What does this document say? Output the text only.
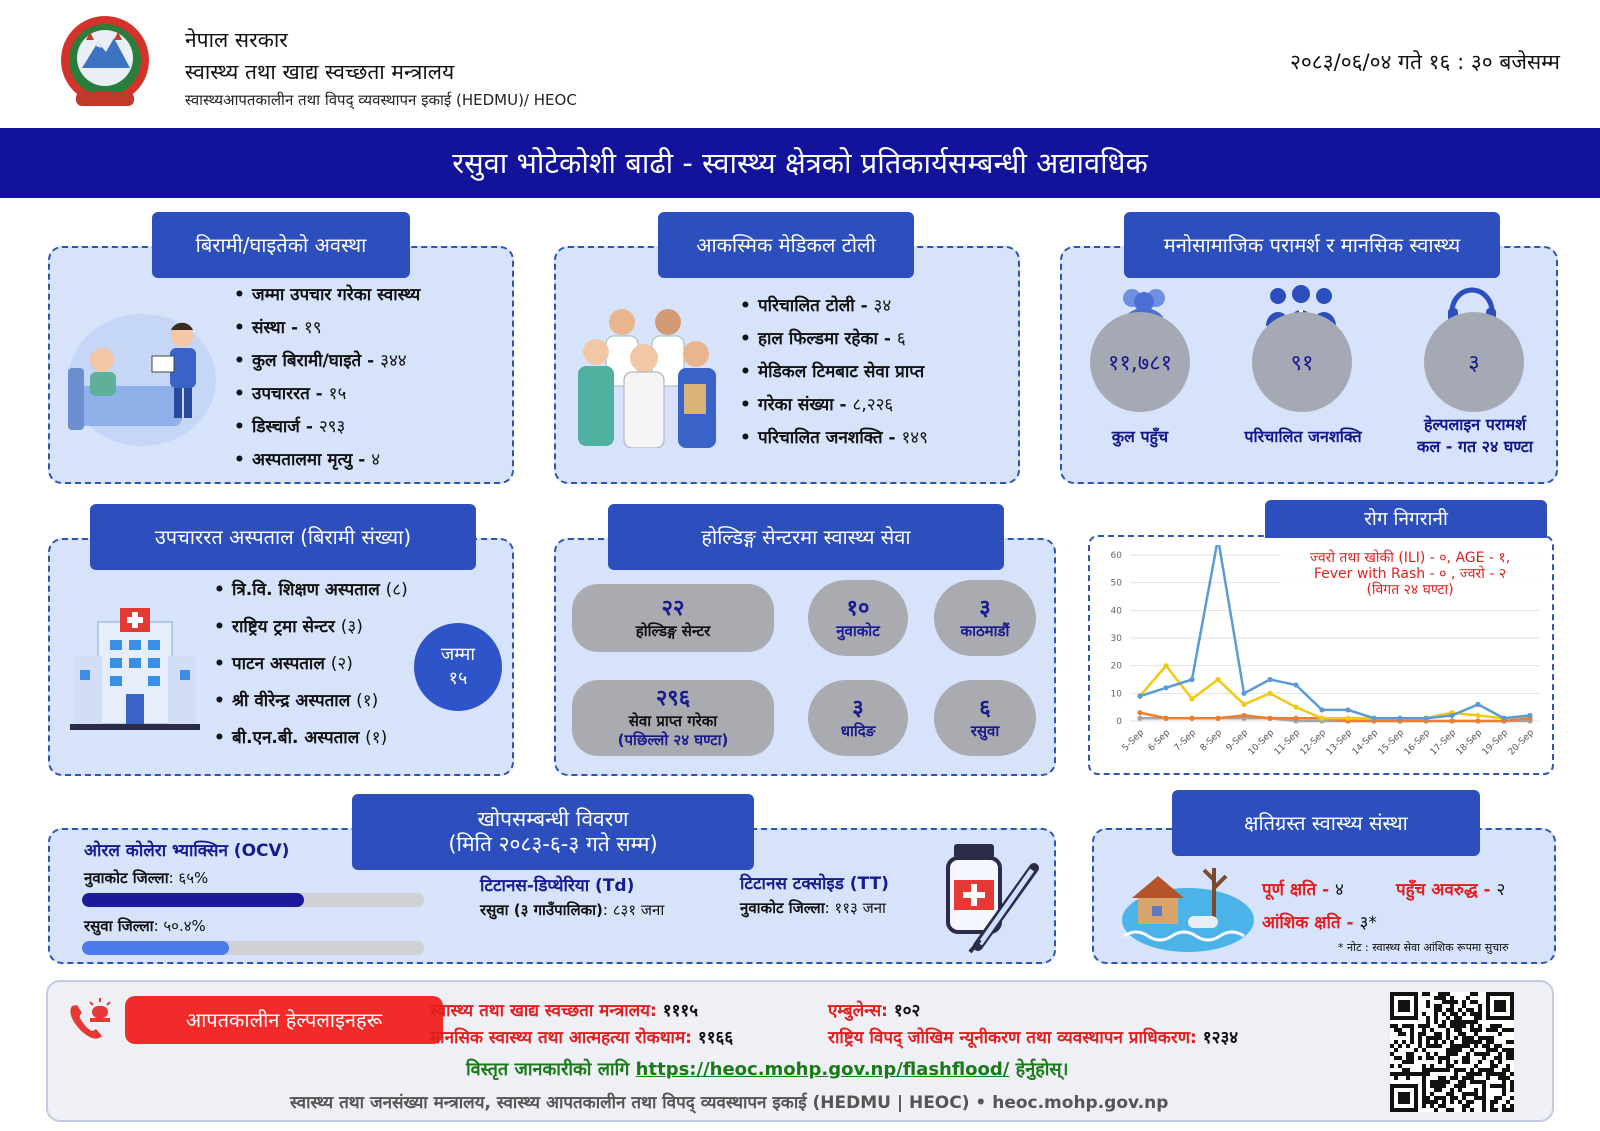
नेपाल सरकार
स्वास्थ्य तथा खाद्य स्वच्छता मन्त्रालय
स्वास्थ्यआपतकालीन तथा विपद् व्यवस्थापन इकाई (HEDMU)/ HEOC
२०८३/०६/०४ गते १६ : ३० बजेसम्म
रसुवा भोटेकोशी बाढी - स्वास्थ्य क्षेत्रको प्रतिकार्यसम्बन्धी अद्यावधिक
बिरामी/घाइतेको अवस्था
• जम्मा उपचार गरेका स्वास्थ्य
• संस्था - १९
• कुल बिरामी/घाइते - ३४४
• उपचाररत - १५
• डिस्चार्ज - २९३
• अस्पतालमा मृत्यु - ४
आकस्मिक मेडिकल टोली
• परिचालित टोली - ३४
• हाल फिल्डमा रहेका - ६
• मेडिकल टिमबाट सेवा प्राप्त
• गरेका संख्या - ८,२२६
• परिचालित जनशक्ति - १४९
मनोसामाजिक परामर्श र मानसिक स्वास्थ्य
११,७८१
कुल पहुँच
९१
परिचालित जनशक्ति
३
हेल्पलाइन परामर्श
कल - गत २४ घण्टा
उपचाररत अस्पताल (बिरामी संख्या)
• त्रि.वि. शिक्षण अस्पताल (८)
• राष्ट्रिय ट्रमा सेन्टर (३)
• पाटन अस्पताल (२)
• श्री वीरेन्द्र अस्पताल (१)
• बी.एन.बी. अस्पताल (१)
जम्मा
१५
होल्डिङ्ग सेन्टरमा स्वास्थ्य सेवा
२२
होल्डिङ्ग सेन्टर
२९६
सेवा प्राप्त गरेका
(पछिल्लो २४ घण्टा)
१०
नुवाकोट
३
काठमाडौं
३
धादिङ
६
रसुवा
रोग निगरानी
0
10
20
30
40
50
60
5-Sep 6-Sep 7-Sep 8-Sep 9-Sep
10-Sep
11-Sep
12-Sep
13-Sep
14-Sep
15-Sep
16-Sep
17-Sep
18-Sep
19-Sep
20-Sep
ज्वरो तथा खोकी (ILI) - ०, AGE - १,
Fever with Rash - ० , ज्वरो - २
(विगत २४ घण्टा)
खोपसम्बन्धी विवरण
(मिति २०८३-६-३ गते सम्म)
ओरल कोलेरा भ्याक्सिन (OCV)
नुवाकोट जिल्ला: ६५%
रसुवा जिल्ला: ५०.४%
टिटानस-डिप्थेरिया (Td)
रसुवा (३ गाउँपालिका): ८३१ जना
टिटानस टक्सोइड (TT)
नुवाकोट जिल्ला: ११३ जना
क्षतिग्रस्त स्वास्थ्य संस्था
पूर्ण क्षति - ४	पहुँच अवरुद्ध - २
आंशिक क्षति - ३*
* नोट : स्वास्थ्य सेवा आंशिक रूपमा सुचारु
आपतकालीन हेल्पलाइनहरू	स्वास्थ्य तथा खाद्य स्वच्छता मन्त्रालय: १११५
मानसिक स्वास्थ्य तथा आत्महत्या रोकथाम: ११६६
एम्बुलेन्स: १०२
राष्ट्रिय विपद् जोखिम न्यूनीकरण तथा व्यवस्थापन प्राधिकरण: १२३४
विस्तृत जानकारीको लागि https://heoc.mohp.gov.np/flashflood/ हेर्नुहोस्।
स्वास्थ्य तथा जनसंख्या मन्त्रालय, स्वास्थ्य आपतकालीन तथा विपद् व्यवस्थापन इकाई (HEDMU | HEOC) • heoc.mohp.gov.np
